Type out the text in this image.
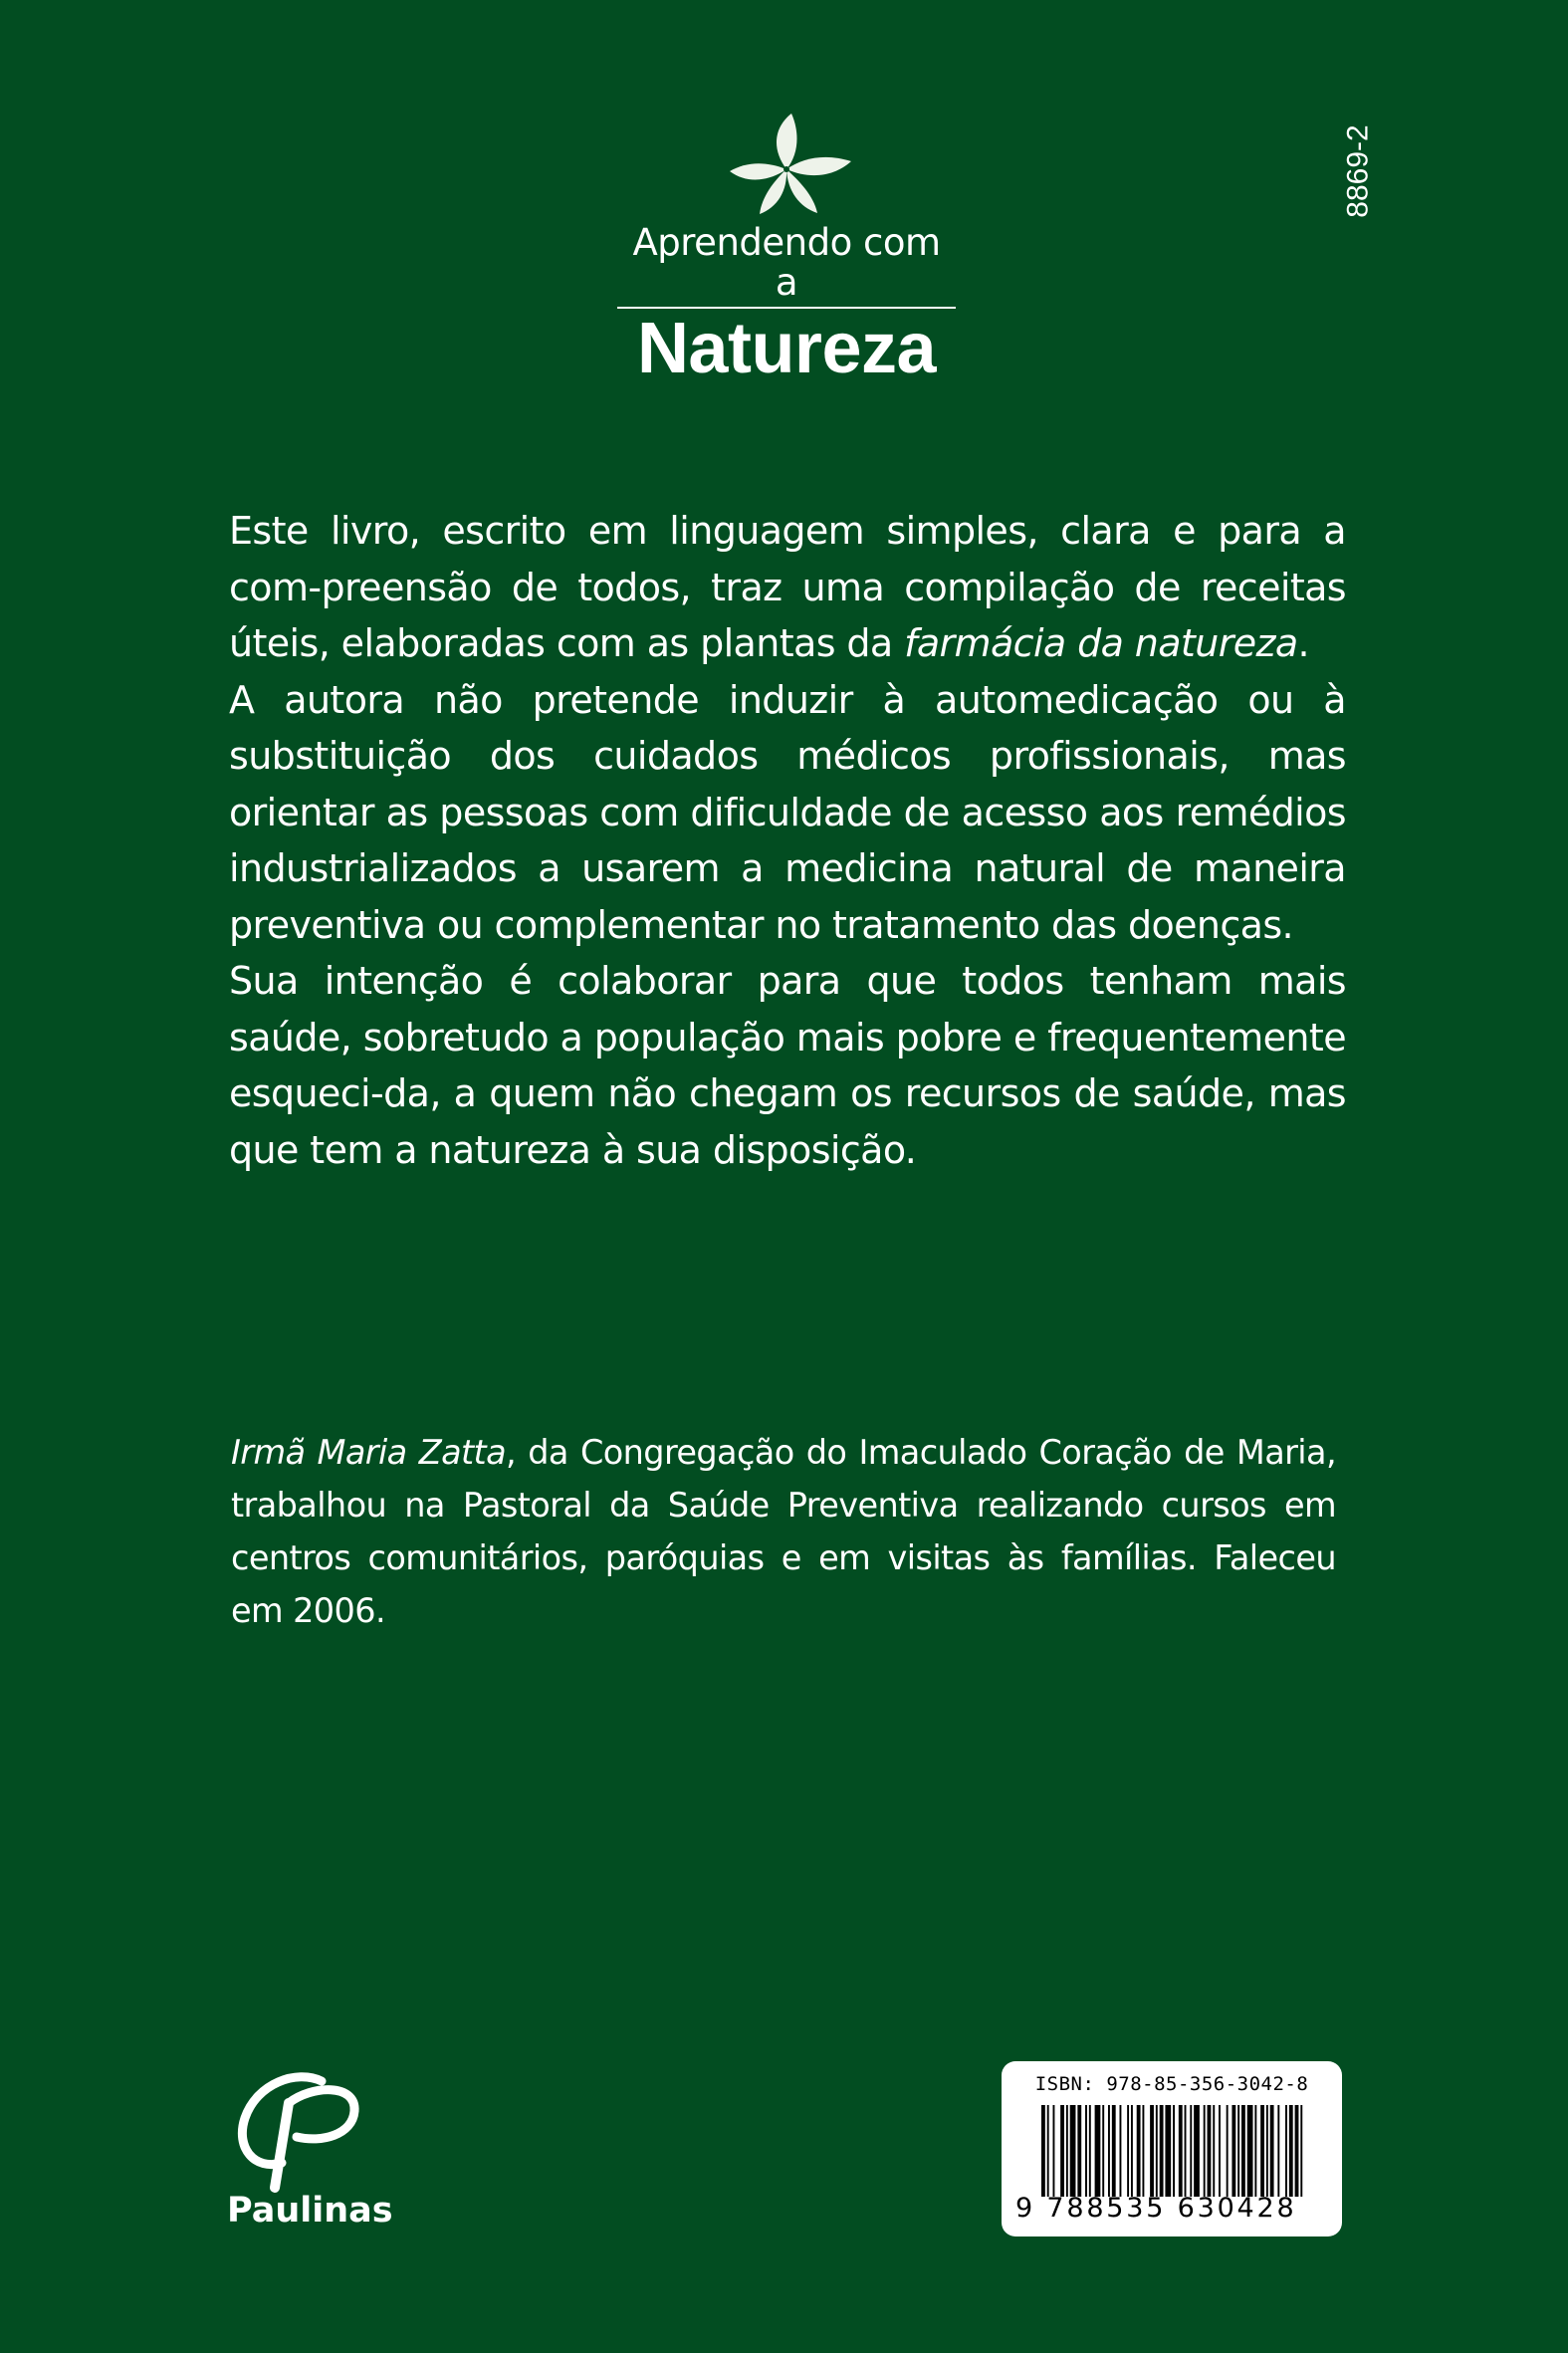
Aprendendo com a
Natureza
8869-2

Este livro, escrito em linguagem simples, clara e para a com-preensão de todos, traz uma compilação de receitas úteis, elaboradas com as plantas da farmácia da natureza.

A autora não pretende induzir à automedicação ou à substituição dos cuidados médicos profissionais, mas orientar as pessoas com dificuldade de acesso aos remédios industrializados a usarem a medicina natural de maneira preventiva ou complementar no tratamento das doenças.

Sua intenção é colaborar para que todos tenham mais saúde, sobretudo a população mais pobre e frequentemente esqueci-da, a quem não chegam os recursos de saúde, mas que tem a natureza à sua disposição.

Irmã Maria Zatta, da Congregação do Imaculado Coração de Maria, trabalhou na Pastoral da Saúde Preventiva realizando cursos em centros comunitários, paróquias e em visitas às famílias. Faleceu em 2006.

Paulinas
ISBN: 978-85-356-3042-8
9 788535 630428
